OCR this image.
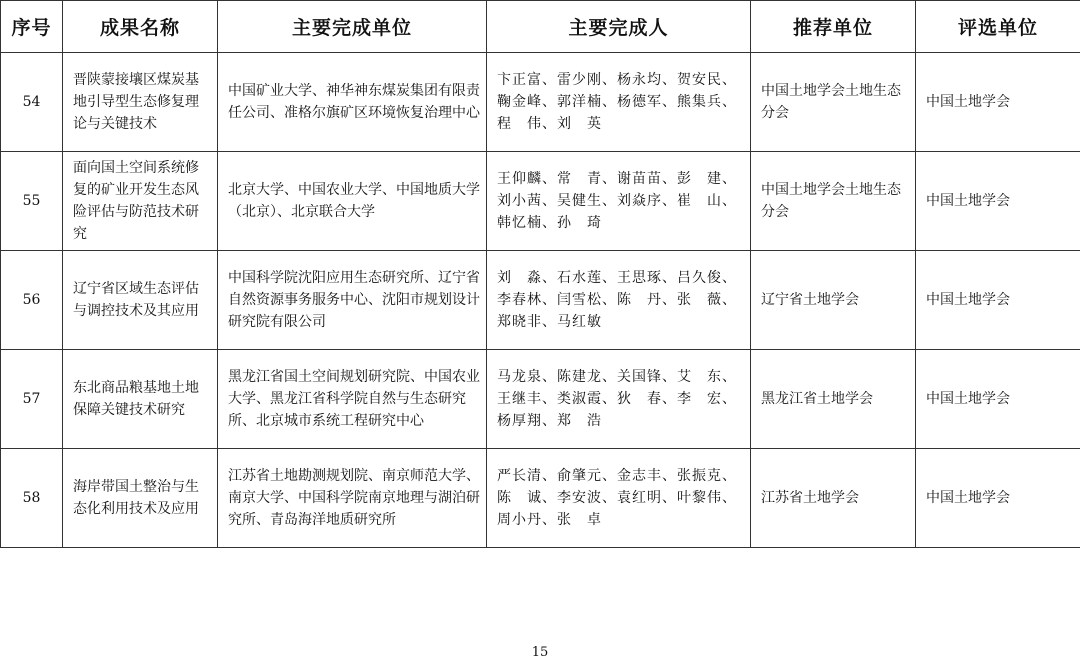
序号	成果名称	主要完成单位	主要完成人	推荐单位	评选单位
54	晋陕蒙接壤区煤炭基地引导型生态修复理论与关键技术	中国矿业大学、神华神东煤炭集团有限责任公司、准格尔旗矿区环境恢复治理中心	卞正富、雷少刚、杨永均、贺安民、鞠金峰、郭洋楠、杨德军、熊集兵、程　伟、刘　英	中国土地学会土地生态分会	中国土地学会
55	面向国土空间系统修复的矿业开发生态风险评估与防范技术研究	北京大学、中国农业大学、中国地质大学（北京）、北京联合大学	王仰麟、常　青、谢苗苗、彭　建、刘小茜、吴健生、刘焱序、崔　山、韩忆楠、孙　琦	中国土地学会土地生态分会	中国土地学会
56	辽宁省区域生态评估与调控技术及其应用	中国科学院沈阳应用生态研究所、辽宁省自然资源事务服务中心、沈阳市规划设计研究院有限公司	刘　淼、石水莲、王思琢、吕久俊、李春林、闫雪松、陈　丹、张　薇、郑晓非、马红敏	辽宁省土地学会	中国土地学会
57	东北商品粮基地土地保障关键技术研究	黑龙江省国土空间规划研究院、中国农业大学、黑龙江省科学院自然与生态研究所、北京城市系统工程研究中心	马龙泉、陈建龙、关国锋、艾　东、王继丰、类淑霞、狄　春、李　宏、杨厚翔、郑　浩	黑龙江省土地学会	中国土地学会
58	海岸带国土整治与生态化利用技术及应用	江苏省土地勘测规划院、南京师范大学、南京大学、中国科学院南京地理与湖泊研究所、青岛海洋地质研究所	严长清、俞肇元、金志丰、张振克、陈　诚、李安波、袁红明、叶黎伟、周小丹、张　卓	江苏省土地学会	中国土地学会
15
